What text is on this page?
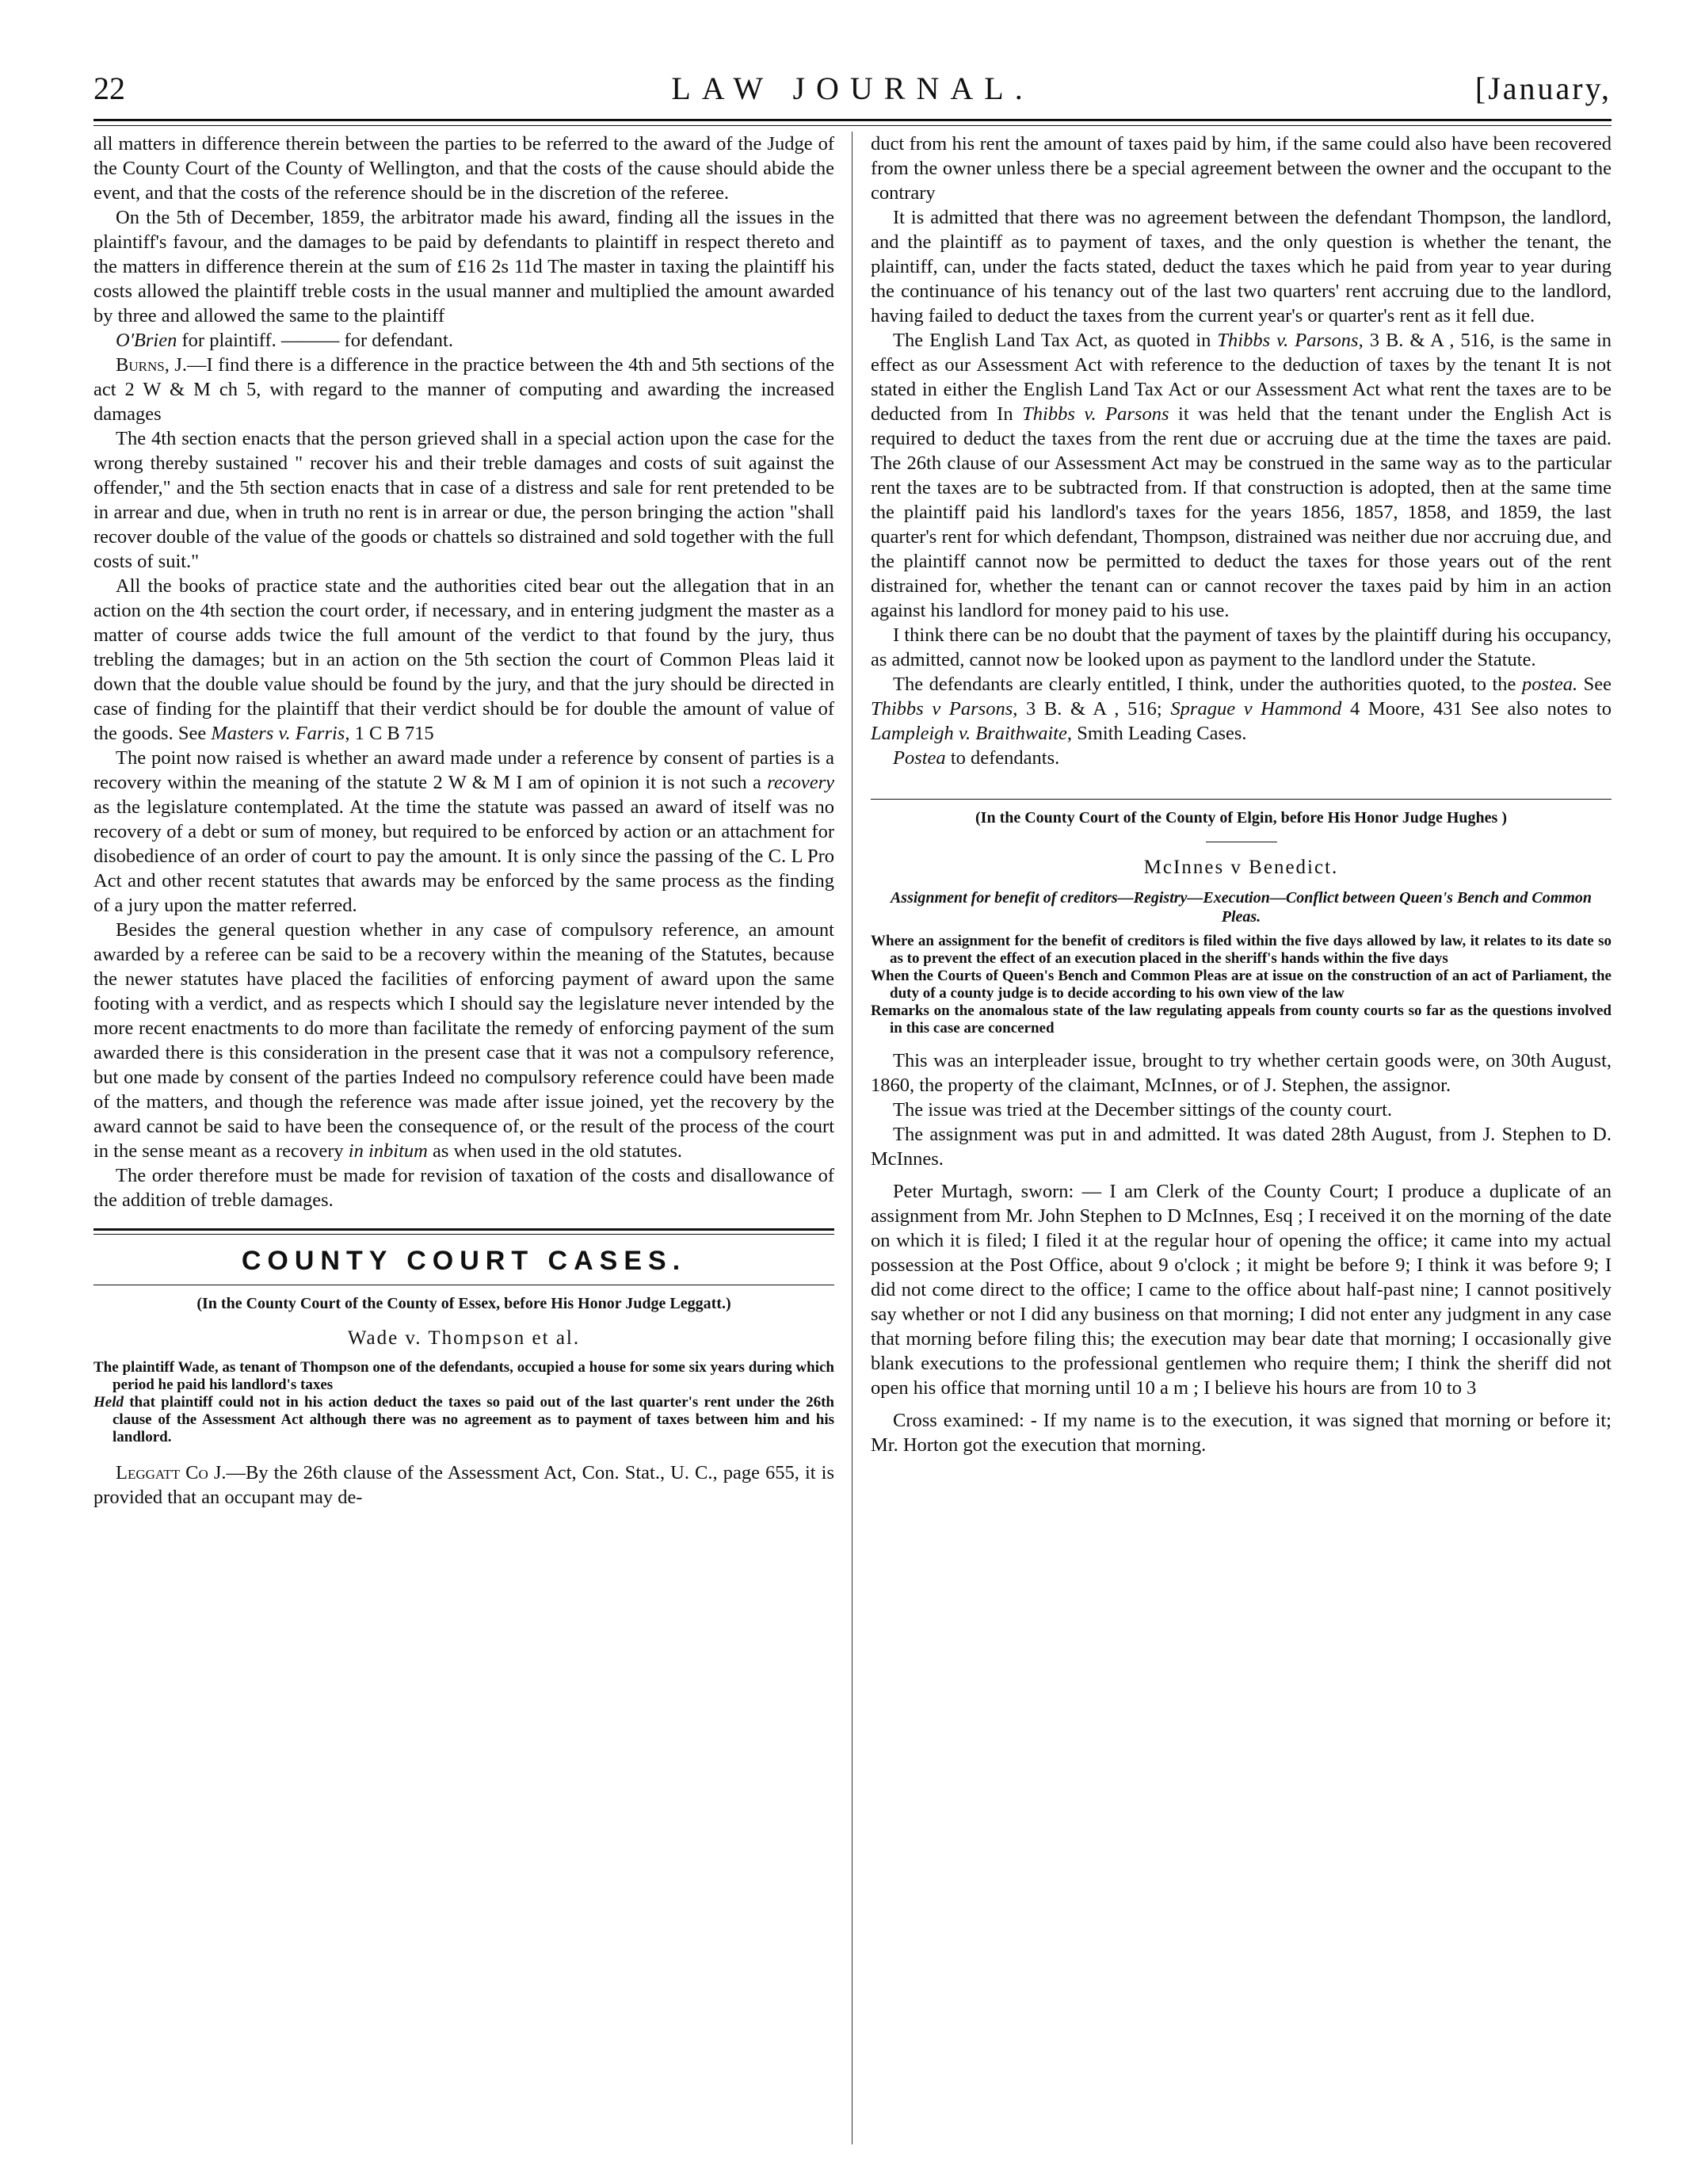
22	LAW JOURNAL.	[January,

all matters in difference therein between the parties to be referred to the award of the Judge of the County Court of the County of Wellington, and that the costs of the cause should abide the event, and that the costs of the reference should be in the discretion of the referee.

On the 5th of December, 1859, the arbitrator made his award, finding all the issues in the plaintiff's favour, and the damages to be paid by defendants to plaintiff in respect thereto and the matters in difference therein at the sum of £16 2s 11d The master in taxing the plaintiff his costs allowed the plaintiff treble costs in the usual manner and multiplied the amount awarded by three and allowed the same to the plaintiff

O'Brien for plaintiff. ——— for defendant.

Burns, J.—I find there is a difference in the practice between the 4th and 5th sections of the act 2 W & M ch 5, with regard to the manner of computing and awarding the increased damages

The 4th section enacts that the person grieved shall in a special action upon the case for the wrong thereby sustained " recover his and their treble damages and costs of suit against the offender," and the 5th section enacts that in case of a distress and sale for rent pretended to be in arrear and due, when in truth no rent is in arrear or due, the person bringing the action "shall recover double of the value of the goods or chattels so distrained and sold together with the full costs of suit."

All the books of practice state and the authorities cited bear out the allegation that in an action on the 4th section the court order, if necessary, and in entering judgment the master as a matter of course adds twice the full amount of the verdict to that found by the jury, thus trebling the damages; but in an action on the 5th section the court of Common Pleas laid it down that the double value should be found by the jury, and that the jury should be directed in case of finding for the plaintiff that their verdict should be for double the amount of value of the goods. See Masters v. Farris, 1 C B 715

The point now raised is whether an award made under a reference by consent of parties is a recovery within the meaning of the statute 2 W & M I am of opinion it is not such a recovery as the legislature contemplated. At the time the statute was passed an award of itself was no recovery of a debt or sum of money, but required to be enforced by action or an attachment for disobedience of an order of court to pay the amount. It is only since the passing of the C. L Pro Act and other recent statutes that awards may be enforced by the same process as the finding of a jury upon the matter referred.

Besides the general question whether in any case of compulsory reference, an amount awarded by a referee can be said to be a recovery within the meaning of the Statutes, because the newer statutes have placed the facilities of enforcing payment of award upon the same footing with a verdict, and as respects which I should say the legislature never intended by the more recent enactments to do more than facilitate the remedy of enforcing payment of the sum awarded there is this consideration in the present case that it was not a compulsory reference, but one made by consent of the parties Indeed no compulsory reference could have been made of the matters, and though the reference was made after issue joined, yet the recovery by the award cannot be said to have been the consequence of, or the result of the process of the court in the sense meant as a recovery in inbitum as when used in the old statutes.

The order therefore must be made for revision of taxation of the costs and disallowance of the addition of treble damages.

COUNTY COURT CASES.
(In the County Court of the County of Essex, before His Honor Judge Leggatt.)
Wade v. Thompson et al.

The plaintiff Wade, as tenant of Thompson one of the defendants, occupied a house for some six years during which period he paid his landlord's taxes

Held that plaintiff could not in his action deduct the taxes so paid out of the last quarter's rent under the 26th clause of the Assessment Act although there was no agreement as to payment of taxes between him and his landlord.

Leggatt Co J.—By the 26th clause of the Assessment Act, Con. Stat., U. C., page 655, it is provided that an occupant may de-

duct from his rent the amount of taxes paid by him, if the same could also have been recovered from the owner unless there be a special agreement between the owner and the occupant to the contrary

It is admitted that there was no agreement between the defendant Thompson, the landlord, and the plaintiff as to payment of taxes, and the only question is whether the tenant, the plaintiff, can, under the facts stated, deduct the taxes which he paid from year to year during the continuance of his tenancy out of the last two quarters' rent accruing due to the landlord, having failed to deduct the taxes from the current year's or quarter's rent as it fell due.

The English Land Tax Act, as quoted in Thibbs v. Parsons, 3 B. & A , 516, is the same in effect as our Assessment Act with reference to the deduction of taxes by the tenant It is not stated in either the English Land Tax Act or our Assessment Act what rent the taxes are to be deducted from In Thibbs v. Parsons it was held that the tenant under the English Act is required to deduct the taxes from the rent due or accruing due at the time the taxes are paid. The 26th clause of our Assessment Act may be construed in the same way as to the particular rent the taxes are to be subtracted from. If that construction is adopted, then at the same time the plaintiff paid his landlord's taxes for the years 1856, 1857, 1858, and 1859, the last quarter's rent for which defendant, Thompson, distrained was neither due nor accruing due, and the plaintiff cannot now be permitted to deduct the taxes for those years out of the rent distrained for, whether the tenant can or cannot recover the taxes paid by him in an action against his landlord for money paid to his use.

I think there can be no doubt that the payment of taxes by the plaintiff during his occupancy, as admitted, cannot now be looked upon as payment to the landlord under the Statute.

The defendants are clearly entitled, I think, under the authorities quoted, to the postea. See Thibbs v Parsons, 3 B. & A , 516; Sprague v Hammond 4 Moore, 431 See also notes to Lampleigh v. Braithwaite, Smith Leading Cases.

Postea to defendants.

(In the County Court of the County of Elgin, before His Honor Judge Hughes )
McInnes v Benedict.
Assignment for benefit of creditors—Registry—Execution—Conflict between Queen's Bench and Common Pleas.

Where an assignment for the benefit of creditors is filed within the five days allowed by law, it relates to its date so as to prevent the effect of an execution placed in the sheriff's hands within the five days

When the Courts of Queen's Bench and Common Pleas are at issue on the construction of an act of Parliament, the duty of a county judge is to decide according to his own view of the law

Remarks on the anomalous state of the law regulating appeals from county courts so far as the questions involved in this case are concerned

This was an interpleader issue, brought to try whether certain goods were, on 30th August, 1860, the property of the claimant, McInnes, or of J. Stephen, the assignor.

The issue was tried at the December sittings of the county court.

The assignment was put in and admitted. It was dated 28th August, from J. Stephen to D. McInnes.

Peter Murtagh, sworn: — I am Clerk of the County Court; I produce a duplicate of an assignment from Mr. John Stephen to D McInnes, Esq ; I received it on the morning of the date on which it is filed; I filed it at the regular hour of opening the office; it came into my actual possession at the Post Office, about 9 o'clock ; it might be before 9; I think it was before 9; I did not come direct to the office; I came to the office about half-past nine; I cannot positively say whether or not I did any business on that morning; I did not enter any judgment in any case that morning before filing this; the execution may bear date that morning; I occasionally give blank executions to the professional gentlemen who require them; I think the sheriff did not open his office that morning until 10 a m ; I believe his hours are from 10 to 3

Cross examined: - If my name is to the execution, it was signed that morning or before it; Mr. Horton got the execution that morning.
